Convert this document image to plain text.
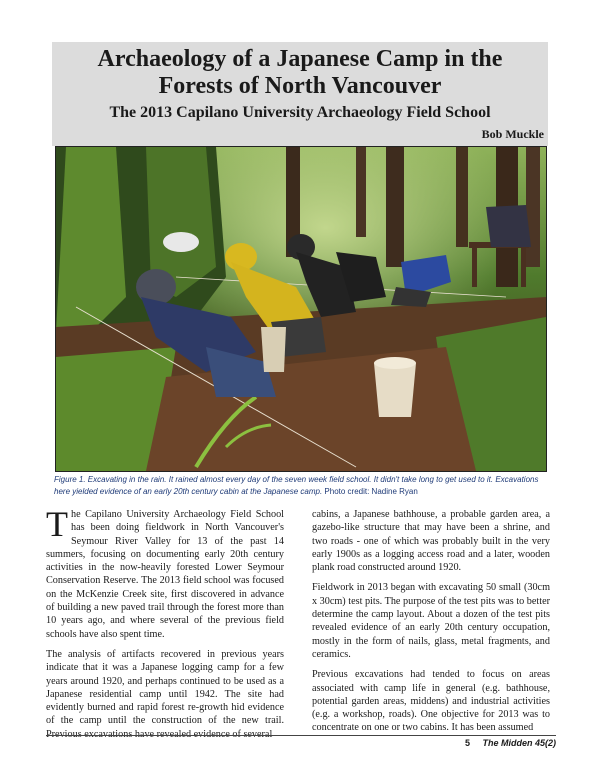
Archaeology of a Japanese Camp in the Forests of North Vancouver
The 2013 Capilano University Archaeology Field School
Bob Muckle
Figure 1. Excavating in the rain. It rained almost every day of the seven week field school. It didn't take long to get used to it. Excavations here yielded evidence of an early 20th century cabin at the Japanese camp. Photo credit: Nadine Ryan

The Capilano University Archaeology Field School has been doing fieldwork in North Vancouver's Seymour River Valley for 13 of the past 14 summers, focusing on documenting early 20th century activities in the now-heavily forested Lower Seymour Conservation Reserve. The 2013 field school was focused on the McKenzie Creek site, first discovered in advance of building a new paved trail through the forest more than 10 years ago, and where several of the previous field schools have also spent time.

The analysis of artifacts recovered in previous years indicate that it was a Japanese logging camp for a few years around 1920, and perhaps continued to be used as a Japanese residential camp until 1942. The site had evidently burned and rapid forest re-growth hid evidence of the camp until the construction of the new trail. Previous excavations have revealed evidence of several

cabins, a Japanese bathhouse, a probable garden area, a gazebo-like structure that may have been a shrine, and two roads - one of which was probably built in the very early 1900s as a logging access road and a later, wooden plank road constructed around 1920.

Fieldwork in 2013 began with excavating 50 small (30cm x 30cm) test pits. The purpose of the test pits was to better determine the camp layout. About a dozen of the test pits revealed evidence of an early 20th century occupation, mostly in the form of nails, glass, metal fragments, and ceramics.

Previous excavations had tended to focus on areas associated with camp life in general (e.g. bathhouse, potential garden areas, middens) and industrial activities (e.g. a workshop, roads). One objective for 2013 was to concentrate on one or two cabins. It has been assumed

5 The Midden 45(2)
